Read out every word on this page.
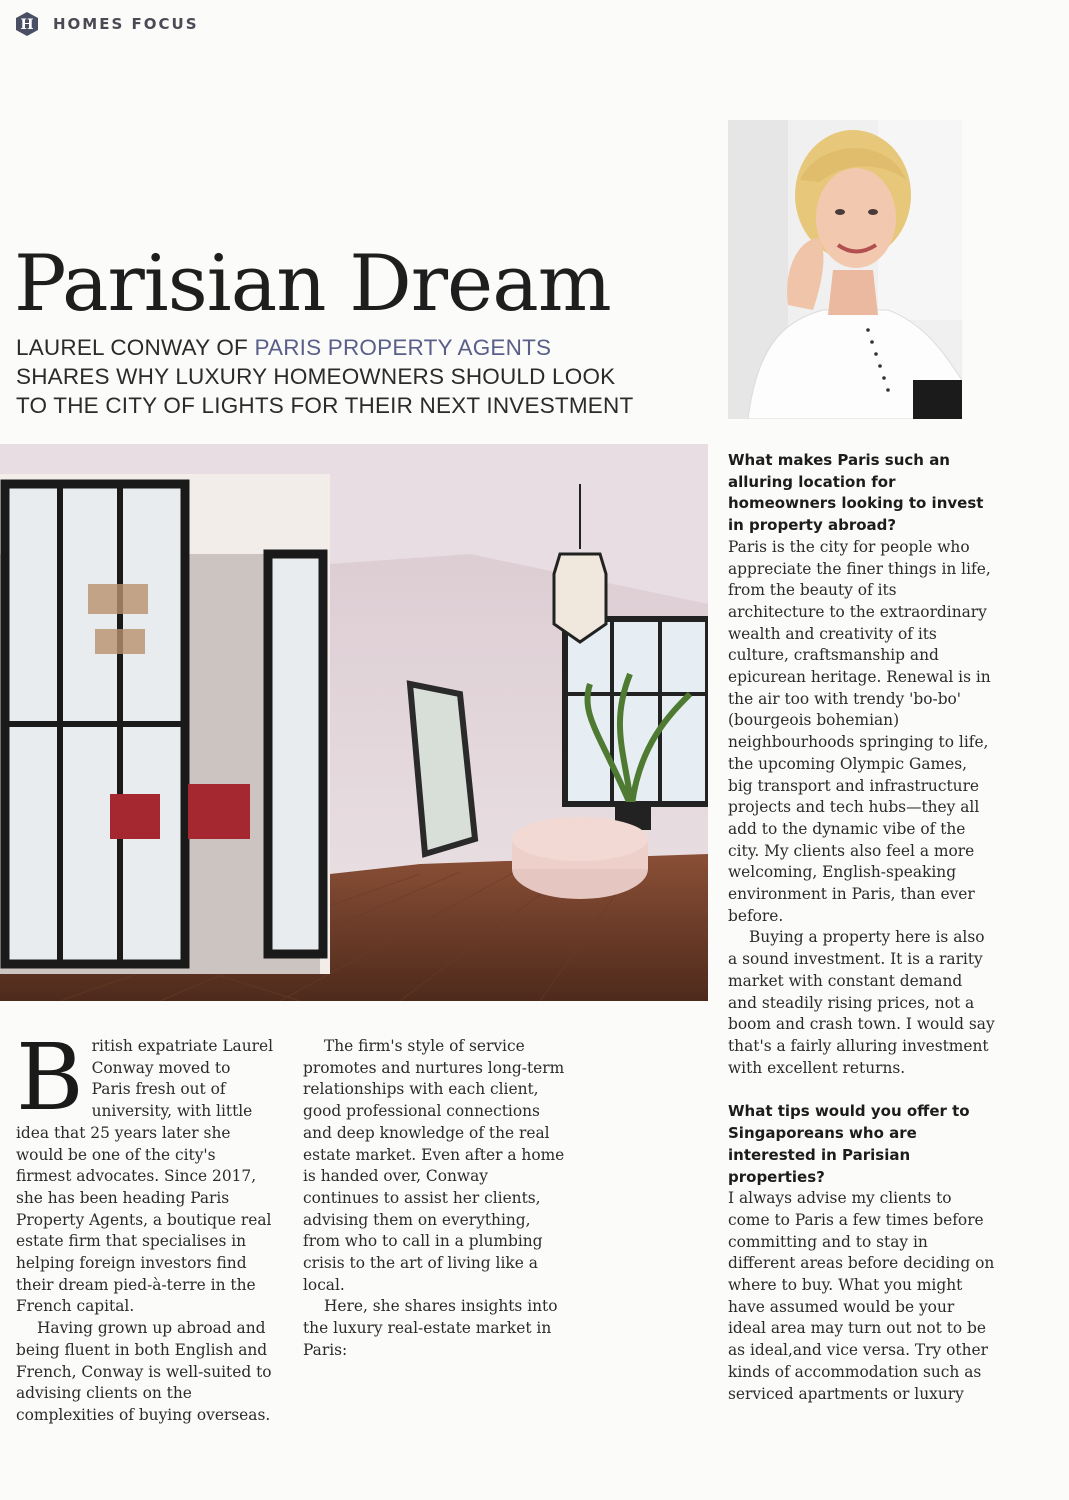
H HOMES FOCUS
Parisian Dream
LAUREL CONWAY OF PARIS PROPERTY AGENTS SHARES WHY LUXURY HOMEOWNERS SHOULD LOOK TO THE CITY OF LIGHTS FOR THEIR NEXT INVESTMENT

British expatriate Laurel Conway moved to Paris fresh out of university, with little idea that 25 years later she would be one of the city's firmest advocates. Since 2017, she has been heading Paris Property Agents, a boutique real estate firm that specialises in helping foreign investors find their dream pied-à-terre in the French capital.

Having grown up abroad and being fluent in both English and French, Conway is well-suited to advising clients on the complexities of buying overseas.

The firm's style of service promotes and nurtures long-term relationships with each client, good professional connections and deep knowledge of the real estate market. Even after a home is handed over, Conway continues to assist her clients, advising them on everything, from who to call in a plumbing crisis to the art of living like a local.

Here, she shares insights into the luxury real-estate market in Paris:

What makes Paris such an alluring location for homeowners looking to invest in property abroad?

Paris is the city for people who appreciate the finer things in life, from the beauty of its architecture to the extraordinary wealth and creativity of its culture, craftsmanship and epicurean heritage. Renewal is in the air too with trendy 'bo-bo' (bourgeois bohemian) neighbourhoods springing to life, the upcoming Olympic Games, big transport and infrastructure projects and tech hubs—they all add to the dynamic vibe of the city. My clients also feel a more welcoming, English-speaking environment in Paris, than ever before.

Buying a property here is also a sound investment. It is a rarity market with constant demand and steadily rising prices, not a boom and crash town. I would say that's a fairly alluring investment with excellent returns.

What tips would you offer to Singaporeans who are interested in Parisian properties?

I always advise my clients to come to Paris a few times before committing and to stay in different areas before deciding on where to buy. What you might have assumed would be your ideal area may turn out not to be as ideal,and vice versa. Try other kinds of accommodation such as serviced apartments or luxury
